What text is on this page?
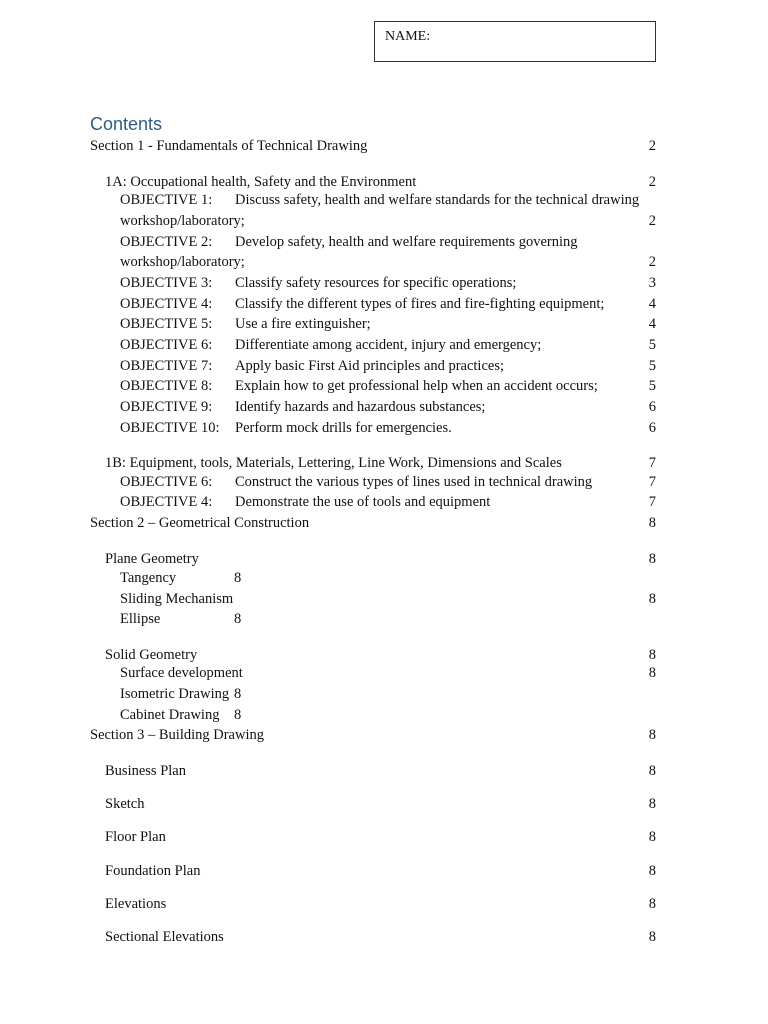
NAME:
Contents
Section 1 - Fundamentals of Technical Drawing	2
1A: Occupational health, Safety and the Environment	2
OBJECTIVE 1: Discuss safety, health and welfare standards for the technical drawing
workshop/laboratory;	2
OBJECTIVE 2: Develop safety, health and welfare requirements governing
workshop/laboratory;	2
OBJECTIVE 3: Classify safety resources for specific operations;	3
OBJECTIVE 4: Classify the different types of fires and fire-fighting equipment;	4
OBJECTIVE 5: Use a fire extinguisher;	4
OBJECTIVE 6: Differentiate among accident, injury and emergency;	5
OBJECTIVE 7: Apply basic First Aid principles and practices;	5
OBJECTIVE 8: Explain how to get professional help when an accident occurs;	5
OBJECTIVE 9: Identify hazards and hazardous substances;	6
OBJECTIVE 10: Perform mock drills for emergencies.	6
1B: Equipment, tools, Materials, Lettering, Line Work, Dimensions and Scales	7
OBJECTIVE 6: Construct the various types of lines used in technical drawing	7
OBJECTIVE 4: Demonstrate the use of tools and equipment	7
Section 2 – Geometrical Construction	8
Plane Geometry	8
Tangency	8
Sliding Mechanism	8
Ellipse	8
Solid Geometry	8
Surface development	8
Isometric Drawing 8
Cabinet Drawing 8
Section 3 – Building Drawing	8
Business Plan	8
Sketch	8
Floor Plan	8
Foundation Plan	8
Elevations	8
Sectional Elevations	8
